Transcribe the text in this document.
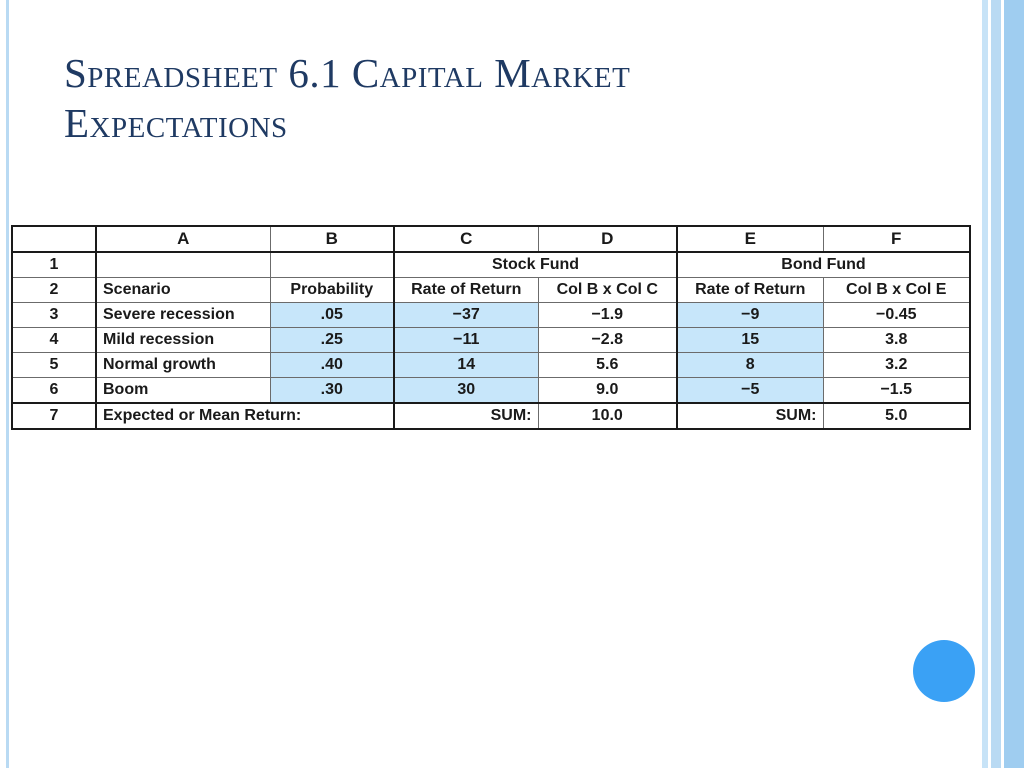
Spreadsheet 6.1 Capital Market
Expectations
	A	B	C	D	E	F
1			Stock Fund		Bond Fund	
2	Scenario	Probability	Rate of Return	Col B x Col C	Rate of Return	Col B x Col E
3	Severe recession	.05	−37	−1.9	−9	−0.45
4	Mild recession	.25	−11	−2.8	15	3.8
5	Normal growth	.40	14	5.6	8	3.2
6	Boom	.30	30	9.0	−5	−1.5
7	Expected or Mean Return:		SUM:	10.0	SUM:	5.0
